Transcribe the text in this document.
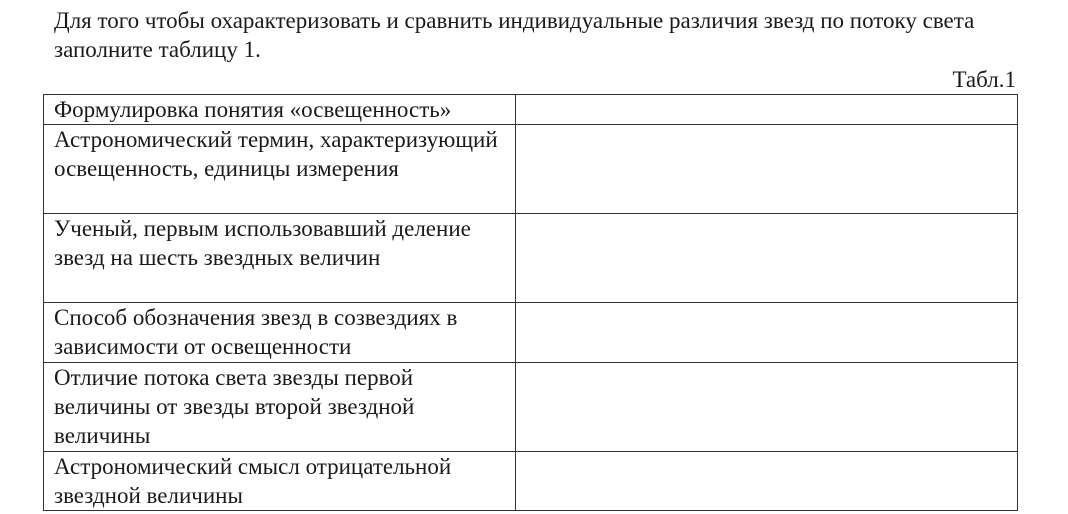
Для того чтобы охарактеризовать и сравнить индивидуальные различия звезд по потоку света заполните таблицу 1.

Табл.1

Формулировка понятия «освещенность»	
Астрономический термин, характеризующий освещенность, единицы измерения	
Ученый, первым использовавший деление звезд на шесть звездных величин	
Способ обозначения звезд в созвездиях в зависимости от освещенности	
Отличие потока света звезды первой величины от звезды второй звездной величины	
Астрономический смысл отрицательной звездной величины	
